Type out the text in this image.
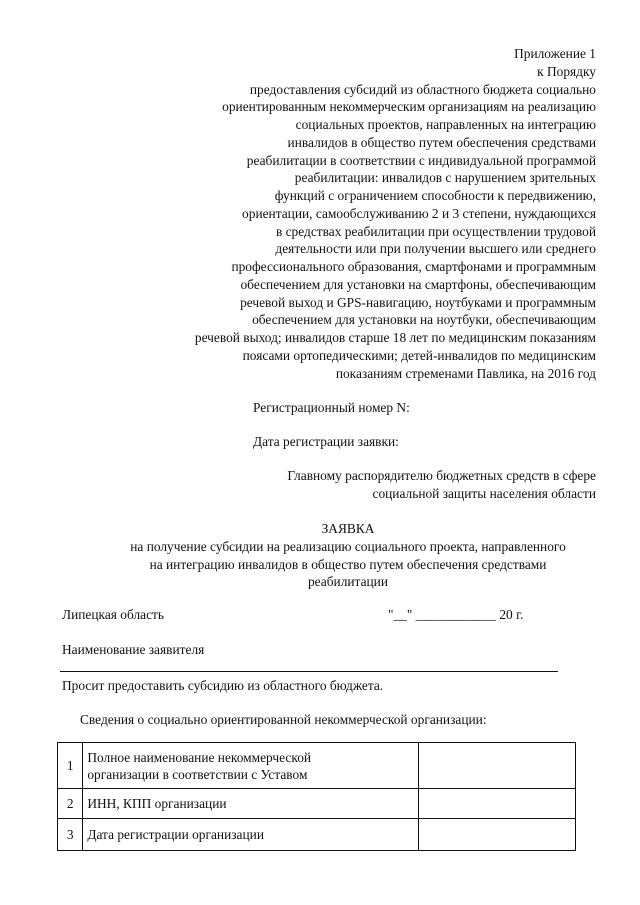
Приложение 1
к Порядку
предоставления субсидий из областного бюджета социально
ориентированным некоммерческим организациям на реализацию
социальных проектов, направленных на интеграцию
инвалидов в общество путем обеспечения средствами
реабилитации в соответствии с индивидуальной программой
реабилитации: инвалидов с нарушением зрительных
функций с ограничением способности к передвижению,
ориентации, самообслуживанию 2 и 3 степени, нуждающихся
в средствах реабилитации при осуществлении трудовой
деятельности или при получении высшего или среднего
профессионального образования, смартфонами и программным
обеспечением для установки на смартфоны, обеспечивающим
речевой выход и GPS-навигацию, ноутбуками и программным
обеспечением для установки на ноутбуки, обеспечивающим
речевой выход; инвалидов старше 18 лет по медицинским показаниям
поясами ортопедическими; детей-инвалидов по медицинским
показаниям стременами Павлика, на 2016 год
Регистрационный номер N:
Дата регистрации заявки:
Главному распорядителю бюджетных средств в сфере
социальной защиты населения области
ЗАЯВКА
на получение субсидии на реализацию социального проекта, направленного
на интеграцию инвалидов в общество путем обеспечения средствами
реабилитации
Липецкая область	"__" ____________ 20 г.
Наименование заявителя
Просит предоставить субсидию из областного бюджета.
Сведения о социально ориентированной некоммерческой организации:
1	Полное наименование некоммерческой
организации в соответствии с Уставом	

2	ИНН, КПП организации	
3	Дата регистрации организации	
